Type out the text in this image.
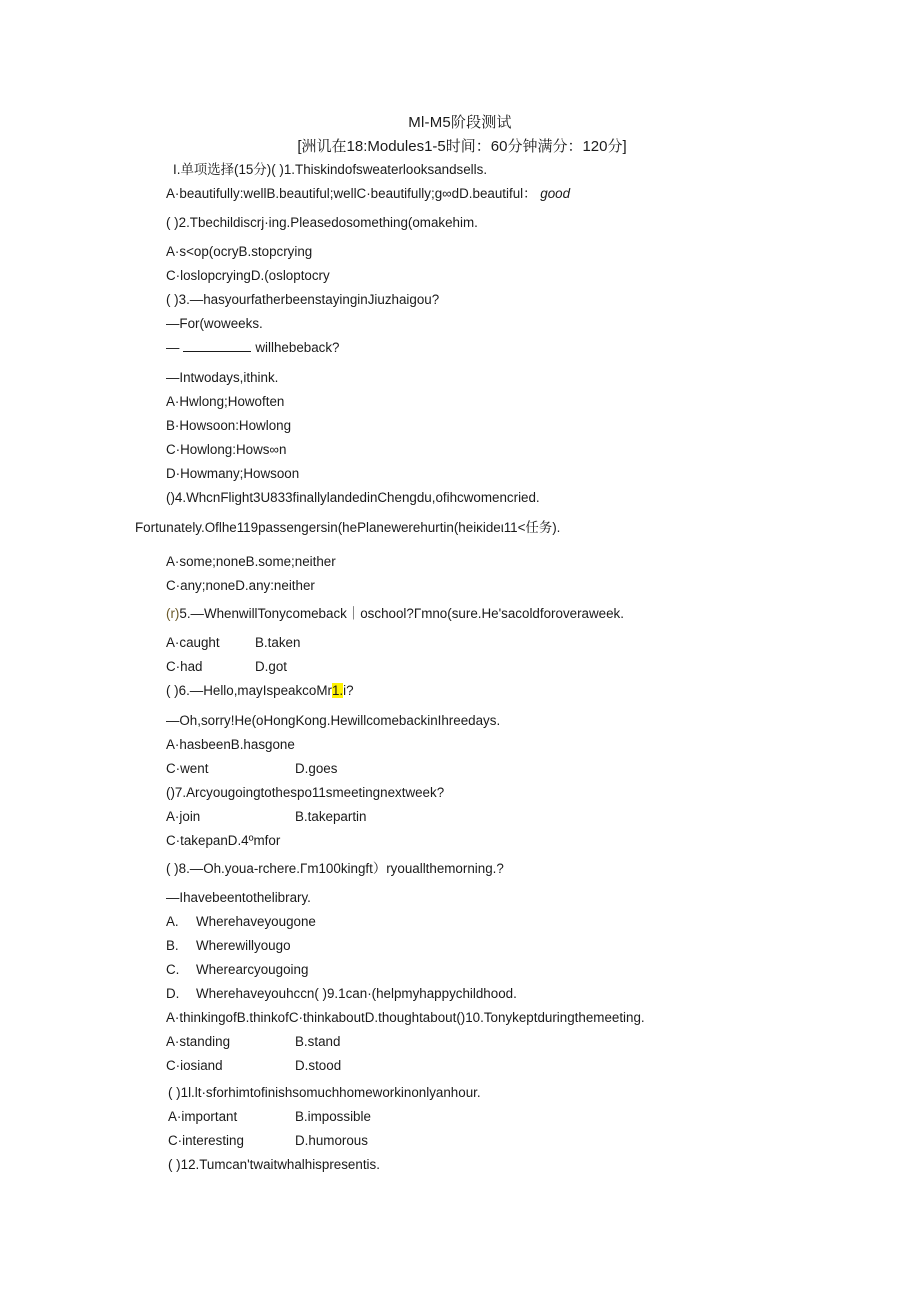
Ml-M5阶段测试
[洲讥在18:Modules1-5时间：60分钟满分：120分]
I.单项选择(15分)( )1.Thiskindofsweaterlooksandsells.
A·beautifully:wellB.beautiful;wellC·beautifully;g∞dD.beautiful： good
( )2.Tbechildiscrj·ing.Pleasedosomething(omakehim.
A·s<op(ocryB.stopcrying
C·loslopcryingD.(oslopto​cry
( )3.—hasyourfatherbeenstayinginJiuzhaigou?
—For(woweeks.
—	willhebeback?
—Intwodays,ithink.
A·Hwlong;Howoften
B·Howsoon:Howlong
C·Howlong:Hows∞n
D·Howmany;Howsoon
()4.WhcnFlight3U833finallylandedinChengdu,ofihcwomencried.
Fortunately.Oflhe119passengersin(hePlanewerehurtin(heiκideι11<任务).
A·some;noneB.some;neither
C·any;noneD.any:neither
(r)5.—WhenwillTonycomeback｜oschool?Γmno(sure.He'sacoldforoveraweek.
A·caught	B.taken
C·had	D.got
( )6.—Hello,mayIspeakcoMr1.i?
—Oh,sorry!He(oHongKong.HewillcomebackinIhreedays.
A·hasbeenB.hasgone
C·went	D.goes
()7.Arcyougoingtothespo11smeetingnextweek?
A·join	B.takepartin
C·takepanD.4ºmfor
( )8.—Oh.youa-rchere.Γm100kingft）ryouallthemorning.?
—Ihavebeentothelibrary.
A. Wherehaveyougone
B. Wherewillyougo
C. Wherearcyougoing
D. Wherehaveyouhccn( )9.1can·(helpmyhappychildhood.
A·thinkingofB.thinkofC·thinkaboutD.thoughtabout()10.Tonykeptduringthemeeting.
A·standing	B.stand
C·iosiand	D.stood
( )1l.lt·sforhimtofinishsomuchhomeworkinonlyanhour.
A·important	B.impossible
C·interesting	D.humorous
( )12.Tumcan'twaitwhalhispresentis.
